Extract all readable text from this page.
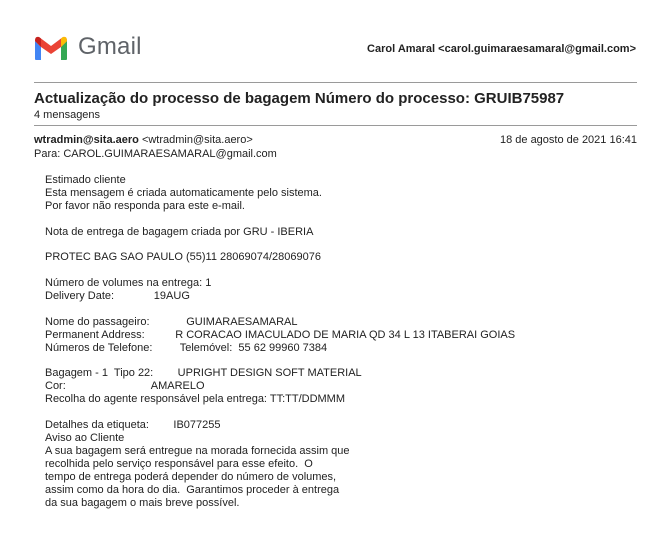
Gmail	Carol Amaral <carol.guimaraesamaral@gmail.com>
Actualização do processo de bagagem Número do processo: GRUIB75987
4 mensagens
wtradmin@sita.aero <wtradmin@sita.aero>	18 de agosto de 2021 16:41
Para: CAROL.GUIMARAESAMARAL@gmail.com
Estimado cliente
Esta mensagem é criada automaticamente pelo sistema.
Por favor não responda para este e-mail.
Nota de entrega de bagagem criada por GRU - IBERIA
PROTEC BAG SAO PAULO (55)11 28069074/28069076
Número de volumes na entrega: 1
Delivery Date:             19AUG
Nome do passageiro:            GUIMARAESAMARAL
Permanent Address:          R CORACAO IMACULADO DE MARIA QD 34 L 13 ITABERAI GOIAS
Números de Telefone:         Telemóvel:  55 62 99960 7384
Bagagem - 1  Tipo 22:        UPRIGHT DESIGN SOFT MATERIAL
Cor:                            AMARELO
Recolha do agente responsável pela entrega: TT:TT/DDMMM
Detalhes da etiqueta:        IB077255
Aviso ao Cliente
A sua bagagem será entregue na morada fornecida assim que
recolhida pelo serviço responsável para esse efeito.  O
tempo de entrega poderá depender do número de volumes,
assim como da hora do dia.  Garantimos proceder à entrega
da sua bagagem o mais breve possível.
